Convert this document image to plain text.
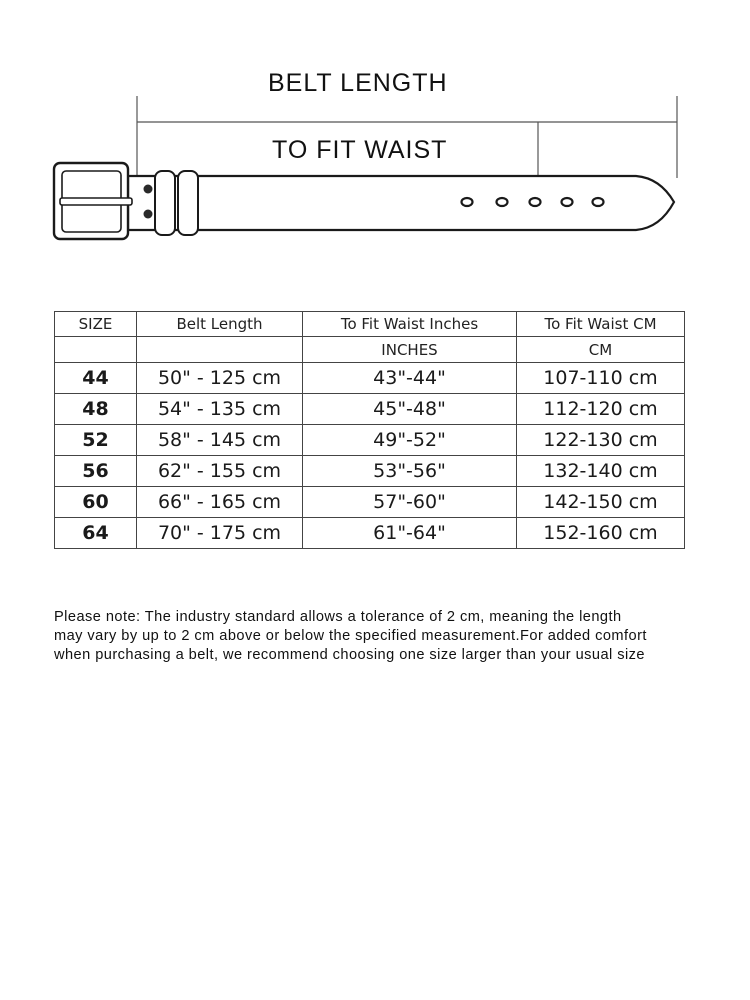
BELT LENGTH
TO FIT WAIST
SIZE	Belt Length	To Fit Waist Inches	To Fit Waist CM
		INCHES	CM
44	50" - 125 cm	43"-44"	107-110 cm
48	54" - 135 cm	45"-48"	112-120 cm
52	58" - 145 cm	49"-52"	122-130 cm
56	62" - 155 cm	53"-56"	132-140 cm
60	66" - 165 cm	57"-60"	142-150 cm
64	70" - 175 cm	61"-64"	152-160 cm
Please note: The industry standard allows a tolerance of 2 cm, meaning the length
may vary by up to 2 cm above or below the specified measurement.For added comfort
when purchasing a belt, we recommend choosing one size larger than your usual size
